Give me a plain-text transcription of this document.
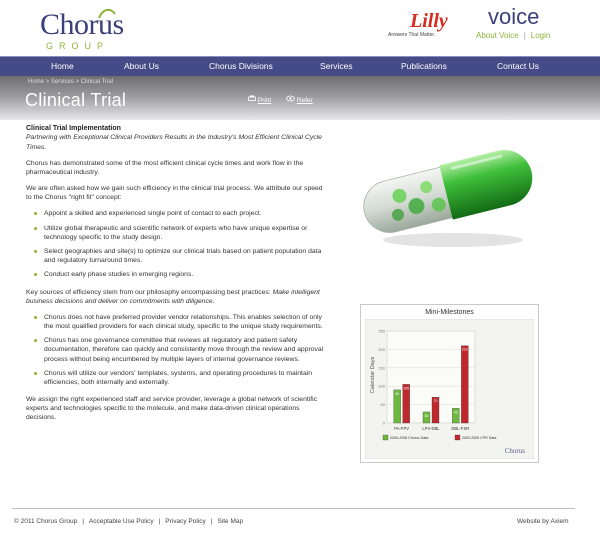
Chorus
GROUP
Lilly
Answers That Matter.
voice
About Voice | Login
Home	About Us	Chorus Divisions	Services	Publications	Contact Us
Home > Services > Clinical Trial
Clinical Trial	Print	Refer
Clinical Trial Implementation

Partnering with Exceptional Clinical Providers Results in the Industry's Most Efficient Clinical Cycle Times.

Chorus has demonstrated some of the most efficient clinical cycle times and work flow in the pharmaceutical industry.

We are often asked how we gain such efficiency in the clinical trial process. We attribute our speed to the Chorus "right fit" concept:

Appoint a skilled and experienced single point of contact to each project.
Utilize global therapeutic and scientific network of experts who have unique expertise or technology specific to the study design.
Select geographies and site(s) to optimize our clinical trials based on patient population data and regulatory turnaround times.
Conduct early phase studies in emerging regions.

Key sources of efficiency stem from our philosophy encompassing best practices: Make intelligent business decisions and deliver on commitments with diligence.

Chorus does not have preferred provider vendor relationships. This enables selection of only the most qualified providers for each clinical study, specific to the unique study requirements.
Chorus has one governance committee that reviews all regulatory and patient safety documentation, therefore can quickly and consistently move through the review and approval process without being encumbered by multiple layers of internal governance reviews.
Chorus will utilize our vendors' templates, systems, and operating procedures to maintain efficiencies, both internally and externally.

We assign the right experienced staff and service provider, leverage a global network of scientific experts and technologies specific to the molecule, and make data-driven clinical operations decisions.

Mini-Milestones
0
50
100
150
200
250
90
105
30
70
40
210
PA-FPV	LPV-DBL	DBL-FSR
Calendar Days
2006-2008 Chorus Data	2003-2005 CPR Data
Chorus
© 2011 Chorus Group | Acceptable Use Policy | Privacy Policy | Site Map	Website by Axiem
